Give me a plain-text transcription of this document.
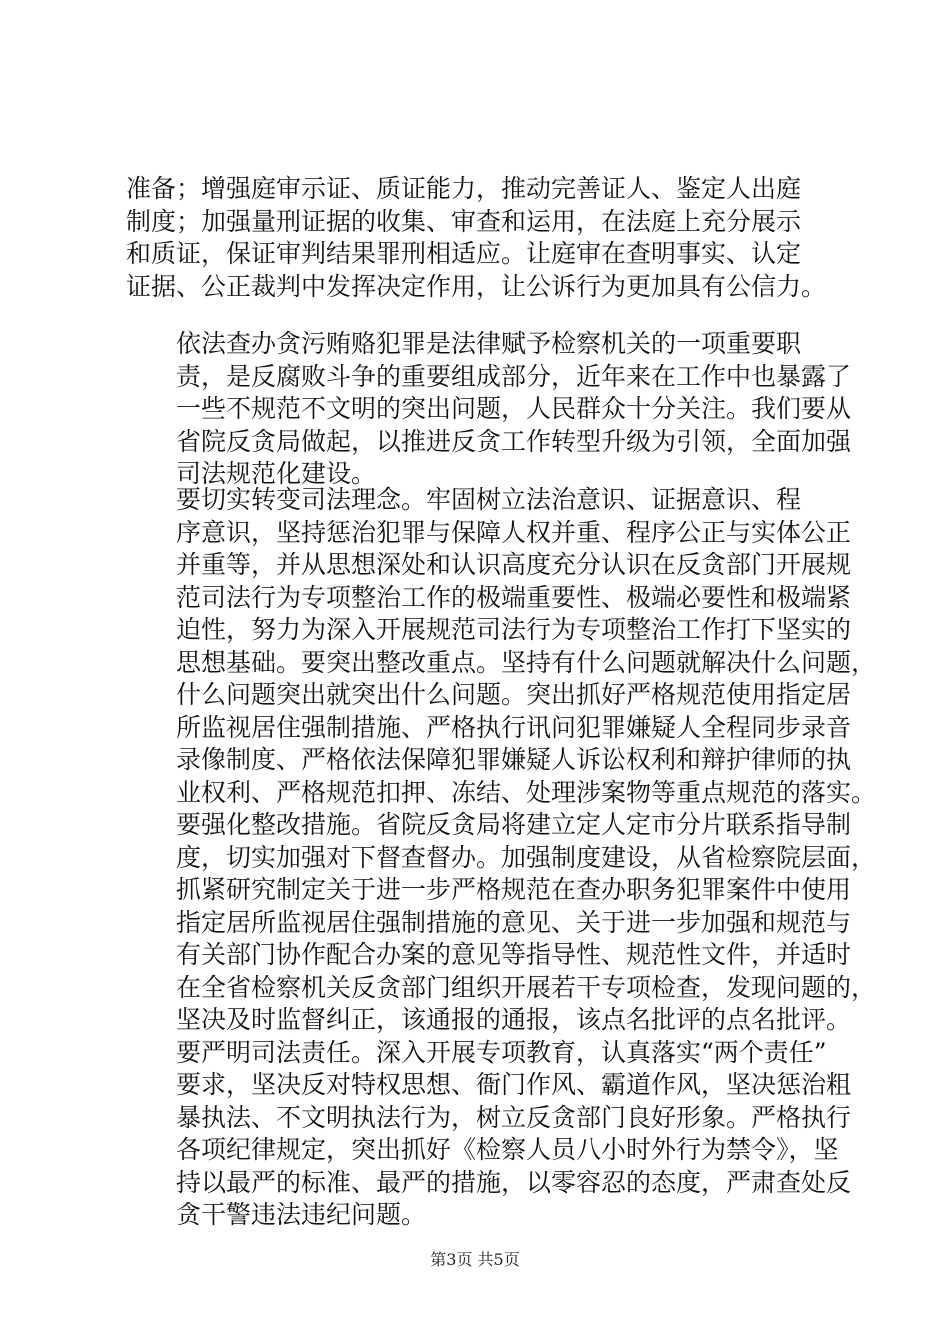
准备；增强庭审示证、质证能力，推动完善证人、鉴定人出庭
制度；加强量刑证据的收集、审查和运用，在法庭上充分展示
和质证，保证审判结果罪刑相适应。让庭审在查明事实、认定
证据、公正裁判中发挥决定作用，让公诉行为更加具有公信力。
依法查办贪污贿赂犯罪是法律赋予检察机关的一项重要职

责，是反腐败斗争的重要组成部分，近年来在工作中也暴露了
一些不规范不文明的突出问题，人民群众十分关注。我们要从
省院反贪局做起，以推进反贪工作转型升级为引领，全面加强
司法规范化建设。
要切实转变司法理念。牢固树立法治意识、证据意识、程

序意识，坚持惩治犯罪与保障人权并重、程序公正与实体公正
并重等，并从思想深处和认识高度充分认识在反贪部门开展规
范司法行为专项整治工作的极端重要性、极端必要性和极端紧
迫性，努力为深入开展规范司法行为专项整治工作打下坚实的
思想基础。要突出整改重点。坚持有什么问题就解决什么问题，
什么问题突出就突出什么问题。突出抓好严格规范使用指定居
所监视居住强制措施、严格执行讯问犯罪嫌疑人全程同步录音
录像制度、严格依法保障犯罪嫌疑人诉讼权利和辩护律师的执
业权利、严格规范扣押、冻结、处理涉案物等重点规范的落实。
要强化整改措施。省院反贪局将建立定人定市分片联系指导制
度，切实加强对下督查督办。加强制度建设，从省检察院层面，
抓紧研究制定关于进一步严格规范在查办职务犯罪案件中使用
指定居所监视居住强制措施的意见、关于进一步加强和规范与
有关部门协作配合办案的意见等指导性、规范性文件，并适时
在全省检察机关反贪部门组织开展若干专项检查，发现问题的，
坚决及时监督纠正，该通报的通报，该点名批评的点名批评。
要严明司法责任。深入开展专项教育，认真落实“两个责任”
要求，坚决反对特权思想、衙门作风、霸道作风，坚决惩治粗
暴执法、不文明执法行为，树立反贪部门良好形象。严格执行
各项纪律规定，突出抓好《检察人员八小时外行为禁令》，坚
持以最严的标准、最严的措施，以零容忍的态度，严肃查处反
贪干警违法违纪问题。
第3页 共5页
